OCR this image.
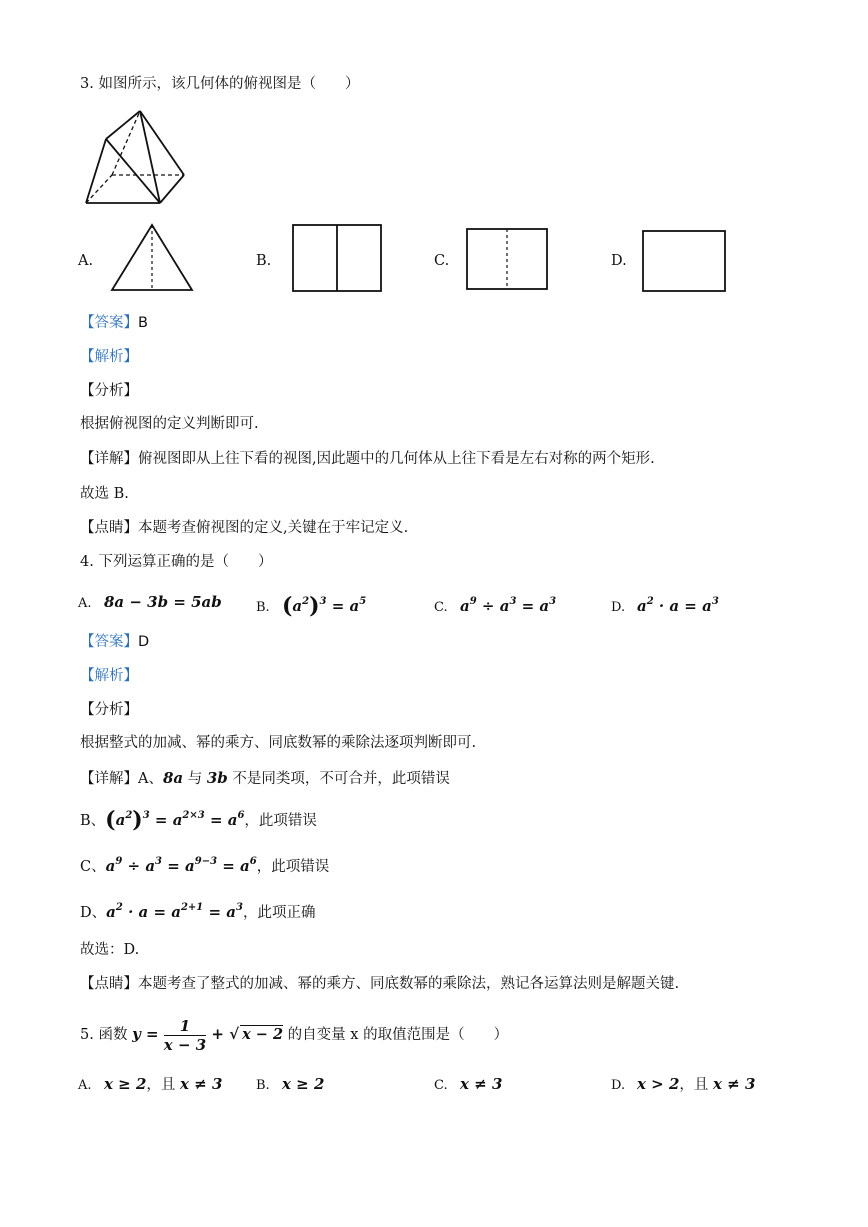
3. 如图所示，该几何体的俯视图是（　　）
A.	B.	C.	D.
【答案】B
【解析】
【分析】
根据俯视图的定义判断即可.
【详解】俯视图即从上往下看的视图,因此题中的几何体从上往下看是左右对称的两个矩形.
故选 B.
【点睛】本题考查俯视图的定义,关键在于牢记定义.
4. 下列运算正确的是（　　）
A. 8a − 3b = 5ab	B. $(a^2)^3 = a^5$	C. $a^9 \div a^3 = a^3$	D. $a^2 \cdot a = a^3$
【答案】D
【解析】
【分析】
根据整式的加减、幂的乘方、同底数幂的乘除法逐项判断即可.
【详解】A、8a 与 3b 不是同类项，不可合并，此项错误
B、$(a^2)^3 = a^{2\times 3} = a^6$，此项错误
C、$a^9 \div a^3 = a^{9-3} = a^6$，此项错误
D、$a^2 \cdot a = a^{2+1} = a^3$，此项正确
故选：D.
【点睛】本题考查了整式的加减、幂的乘方、同底数幂的乘除法，熟记各运算法则是解题关键.
5. 函数 $y = \frac{1}{x - 3}$ + √ x − 2 的自变量 x 的取值范围是（　　）
A. x ≥ 2，且 x ≠ 3	B. x ≥ 2	C. x ≠ 3	D. x > 2，且 x ≠ 3
